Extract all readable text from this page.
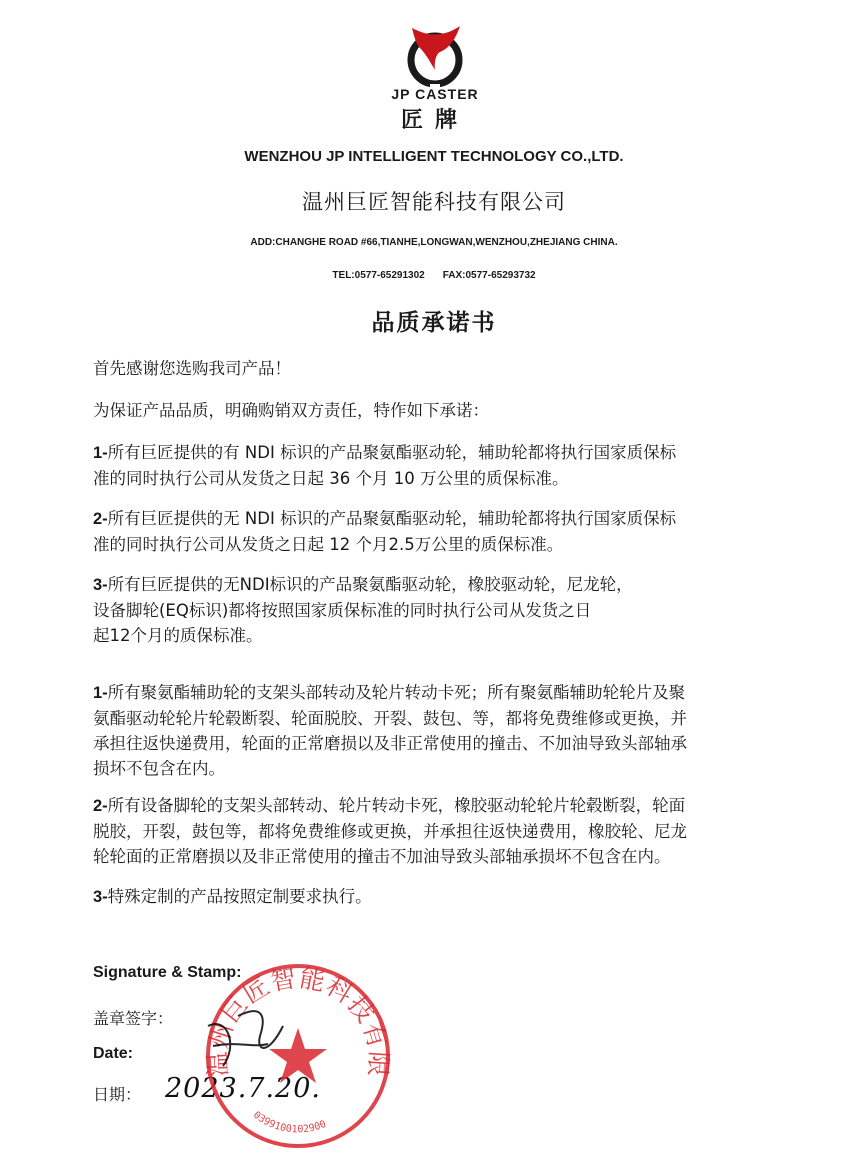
JP CASTER
匠牌
WENZHOU JP INTELLIGENT TECHNOLOGY CO.,LTD.
温州巨匠智能科技有限公司
ADD:CHANGHE ROAD #66,TIANHE,LONGWAN,WENZHOU,ZHEJIANG CHINA.
TEL:0577-65291302 FAX:0577-65293732
品质承诺书
首先感谢您选购我司产品！
为保证产品品质，明确购销双方责任，特作如下承诺：
1-所有巨匠提供的有 NDI 标识的产品聚氨酯驱动轮，辅助轮都将执行国家质保标
准的同时执行公司从发货之日起 36 个月 10 万公里的质保标准。
2-所有巨匠提供的无 NDI 标识的产品聚氨酯驱动轮，辅助轮都将执行国家质保标
准的同时执行公司从发货之日起 12 个月2.5万公里的质保标准。
3-所有巨匠提供的无NDI标识的产品聚氨酯驱动轮，橡胶驱动轮，尼龙轮，
设备脚轮(EQ标识)都将按照国家质保标准的同时执行公司从发货之日
起12个月的质保标准。
1-所有聚氨酯辅助轮的支架头部转动及轮片转动卡死；所有聚氨酯辅助轮轮片及聚
氨酯驱动轮轮片轮毂断裂、轮面脱胶、开裂、鼓包、等，都将免费维修或更换，并
承担往返快递费用，轮面的正常磨损以及非正常使用的撞击、不加油导致头部轴承
损坏不包含在内。
2-所有设备脚轮的支架头部转动、轮片转动卡死，橡胶驱动轮轮片轮毂断裂，轮面
脱胶，开裂，鼓包等，都将免费维修或更换，并承担往返快递费用，橡胶轮、尼龙
轮轮面的正常磨损以及非正常使用的撞击不加油导致头部轴承损坏不包含在内。
3-特殊定制的产品按照定制要求执行。
Signature & Stamp:
盖章签字：
Date:
日期： 2023.7.20.
温州巨匠智能科技有限
0399100102900
